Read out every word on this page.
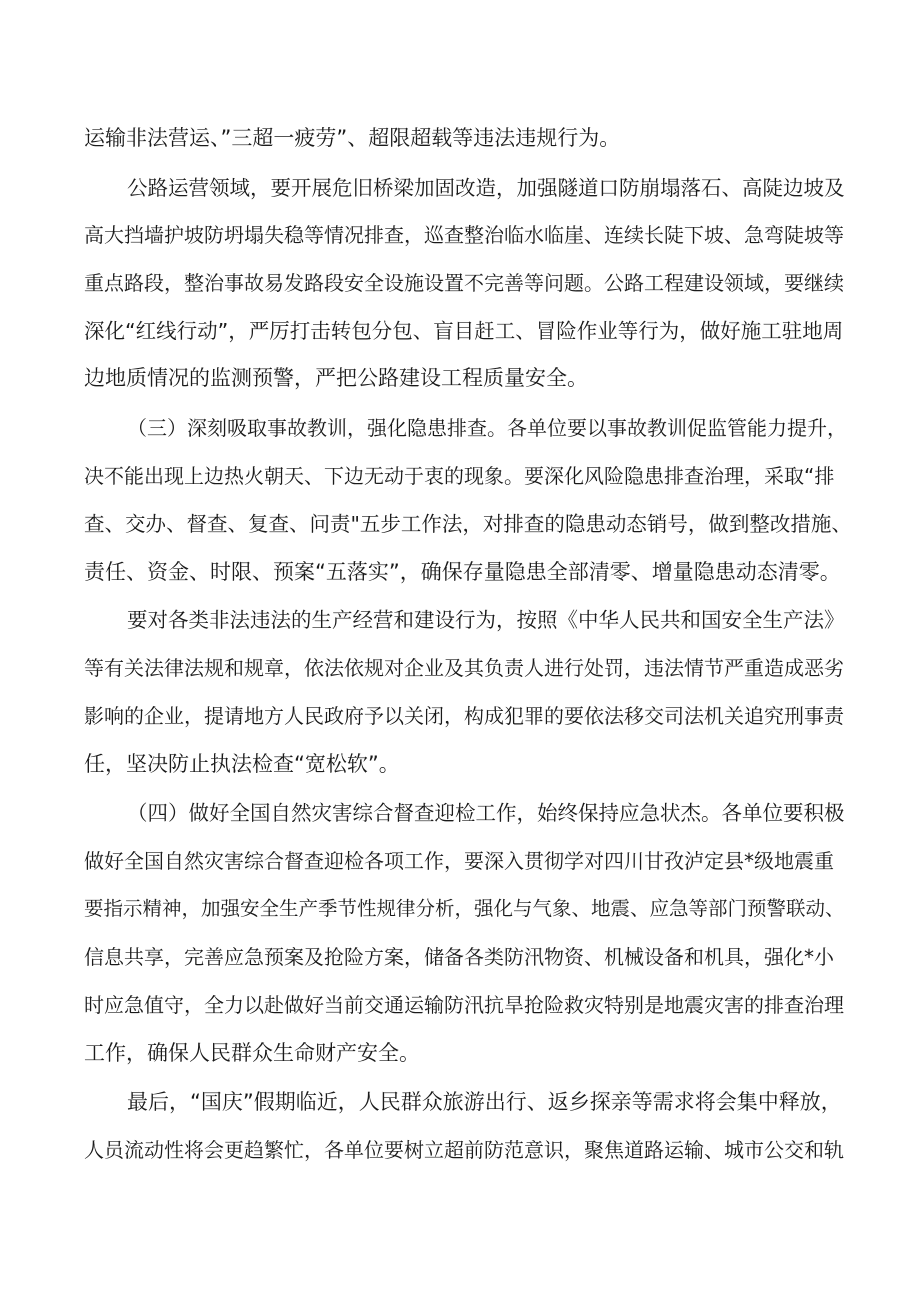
运输非法营运、”三超一疲劳”、超限超载等违法违规行为。
公路运营领域，要开展危旧桥梁加固改造，加强隧道口防崩塌落石、高陡边坡及
高大挡墙护坡防坍塌失稳等情况排查，巡查整治临水临崖、连续长陡下坡、急弯陡坡等
重点路段，整治事故易发路段安全设施设置不完善等问题。公路工程建设领域，要继续
深化“红线行动”，严厉打击转包分包、盲目赶工、冒险作业等行为，做好施工驻地周
边地质情况的监测预警，严把公路建设工程质量安全。
（三）深刻吸取事故教训，强化隐患排查。各单位要以事故教训促监管能力提升，
决不能出现上边热火朝天、下边无动于衷的现象。要深化风险隐患排查治理，采取“排
查、交办、督查、复查、问责"五步工作法，对排查的隐患动态销号，做到整改措施、
责任、资金、时限、预案“五落实”，确保存量隐患全部清零、增量隐患动态清零。
要对各类非法违法的生产经营和建设行为，按照《中华人民共和国安全生产法》
等有关法律法规和规章，依法依规对企业及其负责人进行处罚，违法情节严重造成恶劣
影响的企业，提请地方人民政府予以关闭，构成犯罪的要依法移交司法机关追究刑事责
任，坚决防止执法检查“宽松软”。
（四）做好全国自然灾害综合督查迎检工作，始终保持应急状杰。各单位要积极
做好全国自然灾害综合督查迎检各项工作，要深入贯彻学对四川甘孜泸定县*级地震重
要指示精神，加强安全生产季节性规律分析，强化与气象、地震、应急等部门预警联动、
信息共享，完善应急预案及抢险方案，储备各类防汛物资、机械设备和机具，强化*小
时应急值守，全力以赴做好当前交通运输防汛抗旱抢险救灾特别是地震灾害的排查治理
工作，确保人民群众生命财产安全。
最后，“国庆”假期临近，人民群众旅游出行、返乡探亲等需求将会集中释放，
人员流动性将会更趋繁忙，各单位要树立超前防范意识，聚焦道路运输、城市公交和轨
